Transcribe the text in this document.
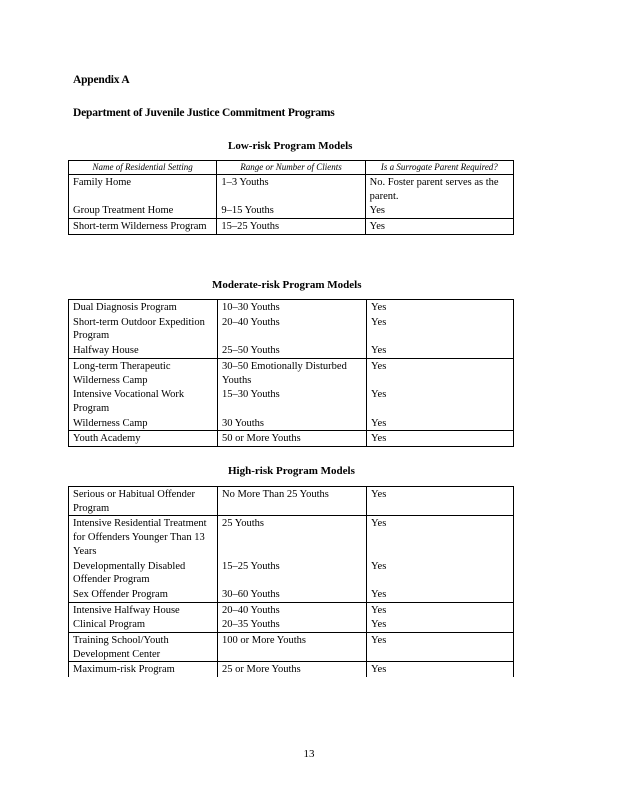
Appendix A
Department of Juvenile Justice Commitment Programs
Low-risk Program Models
Name of Residential Setting	Range or Number of Clients	Is a Surrogate Parent Required?
Family Home	1–3 Youths	No. Foster parent serves as the parent.
Group Treatment Home	9–15 Youths	Yes
Short-term Wilderness Program	15–25 Youths	Yes
Moderate-risk Program Models
Dual Diagnosis Program	10–30 Youths	Yes
Short-term Outdoor Expedition Program	20–40 Youths	Yes
Halfway House	25–50 Youths	Yes
Long-term Therapeutic Wilderness Camp	30–50 Emotionally Disturbed Youths	Yes
Intensive Vocational Work Program	15–30 Youths	Yes
Wilderness Camp	30 Youths	Yes
Youth Academy	50 or More Youths	Yes
High-risk Program Models
Serious or Habitual Offender Program	No More Than 25 Youths	Yes
Intensive Residential Treatment for Offenders Younger Than 13 Years	25 Youths	Yes
Developmentally Disabled Offender Program	15–25 Youths	Yes
Sex Offender Program	30–60 Youths	Yes
Intensive Halfway House	20–40 Youths	Yes
Clinical Program	20–35 Youths	Yes
Training School/Youth Development Center	100 or More Youths	Yes
Maximum-risk Program	25 or More Youths	Yes
13
